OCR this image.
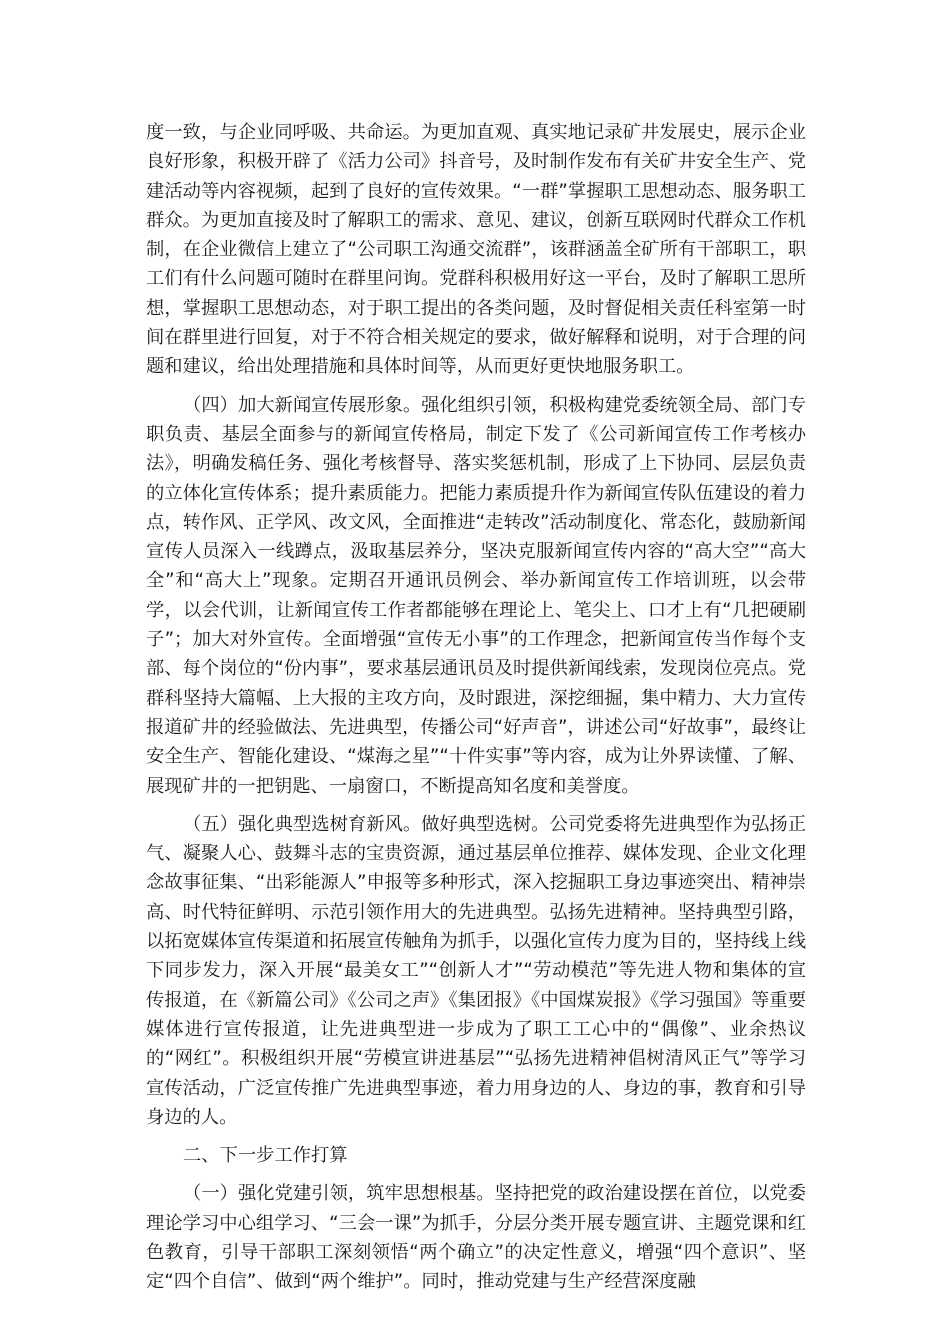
度一致，与企业同呼吸、共命运。为更加直观、真实地记录矿井发展史，展示企业良好形象，积极开辟了《活力公司》抖音号，及时制作发布有关矿井安全生产、党建活动等内容视频，起到了良好的宣传效果。“一群”掌握职工思想动态、服务职工群众。为更加直接及时了解职工的需求、意见、建议，创新互联网时代群众工作机制，在企业微信上建立了“公司职工沟通交流群”，该群涵盖全矿所有干部职工，职工们有什么问题可随时在群里问询。党群科积极用好这一平台，及时了解职工思所想，掌握职工思想动态，对于职工提出的各类问题，及时督促相关责任科室第一时间在群里进行回复，对于不符合相关规定的要求，做好解释和说明，对于合理的问题和建议，给出处理措施和具体时间等，从而更好更快地服务职工。

（四）加大新闻宣传展形象。强化组织引领，积极构建党委统领全局、部门专职负责、基层全面参与的新闻宣传格局，制定下发了《公司新闻宣传工作考核办法》，明确发稿任务、强化考核督导、落实奖惩机制，形成了上下协同、层层负责的立体化宣传体系；提升素质能力。把能力素质提升作为新闻宣传队伍建设的着力点，转作风、正学风、改文风，全面推进“走转改”活动制度化、常态化，鼓励新闻宣传人员深入一线蹲点，汲取基层养分，坚决克服新闻宣传内容的“高大空”“高大全”和“高大上”现象。定期召开通讯员例会、举办新闻宣传工作培训班，以会带学，以会代训，让新闻宣传工作者都能够在理论上、笔尖上、口才上有“几把硬刷子”；加大对外宣传。全面增强“宣传无小事”的工作理念，把新闻宣传当作每个支部、每个岗位的“份内事”，要求基层通讯员及时提供新闻线索，发现岗位亮点。党群科坚持大篇幅、上大报的主攻方向，及时跟进，深挖细掘，集中精力、大力宣传报道矿井的经验做法、先进典型，传播公司“好声音”，讲述公司“好故事”，最终让安全生产、智能化建设、“煤海之星”“十件实事”等内容，成为让外界读懂、了解、展现矿井的一把钥匙、一扇窗口，不断提高知名度和美誉度。

（五）强化典型选树育新风。做好典型选树。公司党委将先进典型作为弘扬正气、凝聚人心、鼓舞斗志的宝贵资源，通过基层单位推荐、媒体发现、企业文化理念故事征集、“出彩能源人”申报等多种形式，深入挖掘职工身边事迹突出、精神崇高、时代特征鲜明、示范引领作用大的先进典型。弘扬先进精神。坚持典型引路，以拓宽媒体宣传渠道和拓展宣传触角为抓手，以强化宣传力度为目的，坚持线上线下同步发力，深入开展“最美女工”“创新人才”“劳动模范”等先进人物和集体的宣传报道，在《新篇公司》《公司之声》《集团报》《中国煤炭报》《学习强国》等重要媒体进行宣传报道，让先进典型进一步成为了职工工心中的“偶像”、业余热议的“网红”。积极组织开展“劳模宣讲进基层”“弘扬先进精神倡树清风正气”等学习宣传活动，广泛宣传推广先进典型事迹，着力用身边的人、身边的事，教育和引导身边的人。

二、下一步工作打算

（一）强化党建引领，筑牢思想根基。坚持把党的政治建设摆在首位，以党委理论学习中心组学习、“三会一课”为抓手，分层分类开展专题宣讲、主题党课和红色教育，引导干部职工深刻领悟“两个确立”的决定性意义，增强“四个意识”、坚定“四个自信”、做到“两个维护”。同时，推动党建与生产经营深度融
